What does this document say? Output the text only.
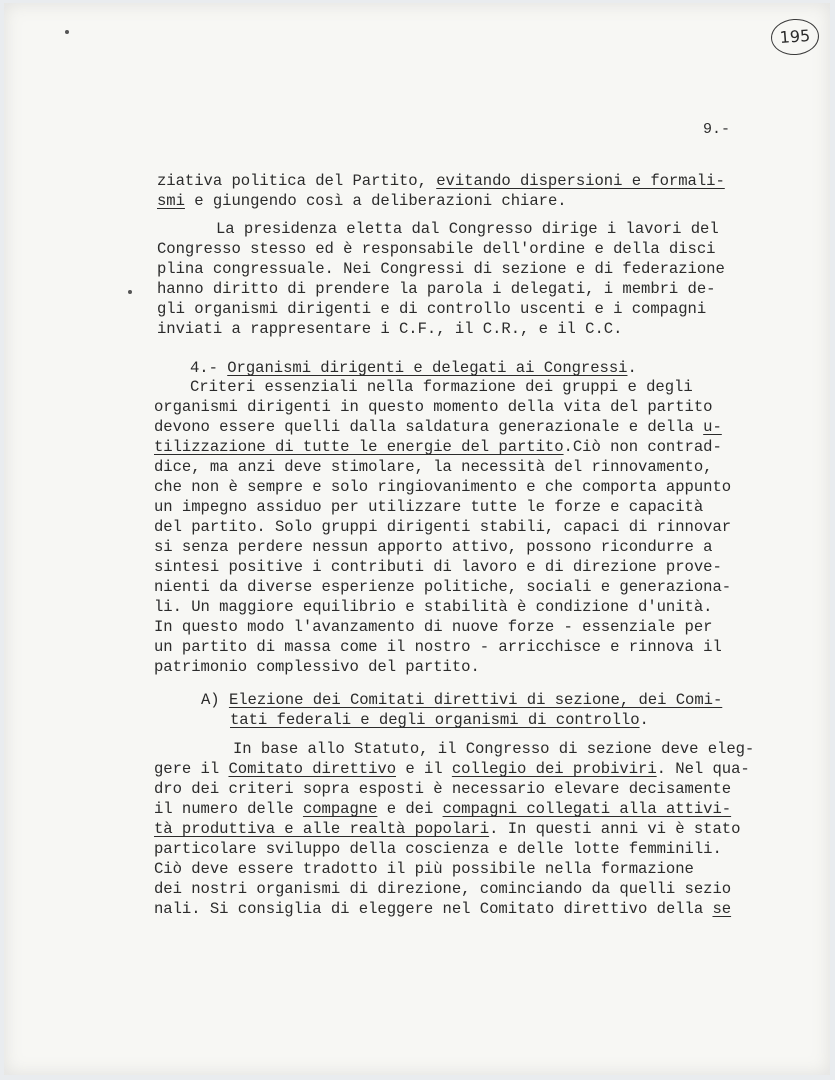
195
9.-
ziativa politica del Partito, evitando dispersioni e formali-
smi e giungendo così a deliberazioni chiare.
La presidenza eletta dal Congresso dirige i lavori del
Congresso stesso ed è responsabile dell'ordine e della disci
plina congressuale. Nei Congressi di sezione e di federazione
hanno diritto di prendere la parola i delegati, i membri de-
gli organismi dirigenti e di controllo uscenti e i compagni
inviati a rappresentare i C.F., il C.R., e il C.C.
4.- Organismi dirigenti e delegati ai Congressi.
Criteri essenziali nella formazione dei gruppi e degli
organismi dirigenti in questo momento della vita del partito
devono essere quelli dalla saldatura generazionale e della u-
tilizzazione di tutte le energie del partito.Ciò non contrad-
dice, ma anzi deve stimolare, la necessità del rinnovamento,
che non è sempre e solo ringiovanimento e che comporta appunto
un impegno assiduo per utilizzare tutte le forze e capacità
del partito. Solo gruppi dirigenti stabili, capaci di rinnovar
si senza perdere nessun apporto attivo, possono ricondurre a
sintesi positive i contributi di lavoro e di direzione prove-
nienti da diverse esperienze politiche, sociali e generaziona-
li. Un maggiore equilibrio e stabilità è condizione d'unità.
In questo modo l'avanzamento di nuove forze - essenziale per
un partito di massa come il nostro - arricchisce e rinnova il
patrimonio complessivo del partito.
A) Elezione dei Comitati direttivi di sezione, dei Comi-
tati federali e degli organismi di controllo.
In base allo Statuto, il Congresso di sezione deve eleg-
gere il Comitato direttivo e il collegio dei probiviri. Nel qua-
dro dei criteri sopra esposti è necessario elevare decisamente
il numero delle compagne e dei compagni collegati alla attivi-
tà produttiva e alle realtà popolari. In questi anni vi è stato
particolare sviluppo della coscienza e delle lotte femminili.
Ciò deve essere tradotto il più possibile nella formazione
dei nostri organismi di direzione, cominciando da quelli sezio
nali. Si consiglia di eleggere nel Comitato direttivo della se
